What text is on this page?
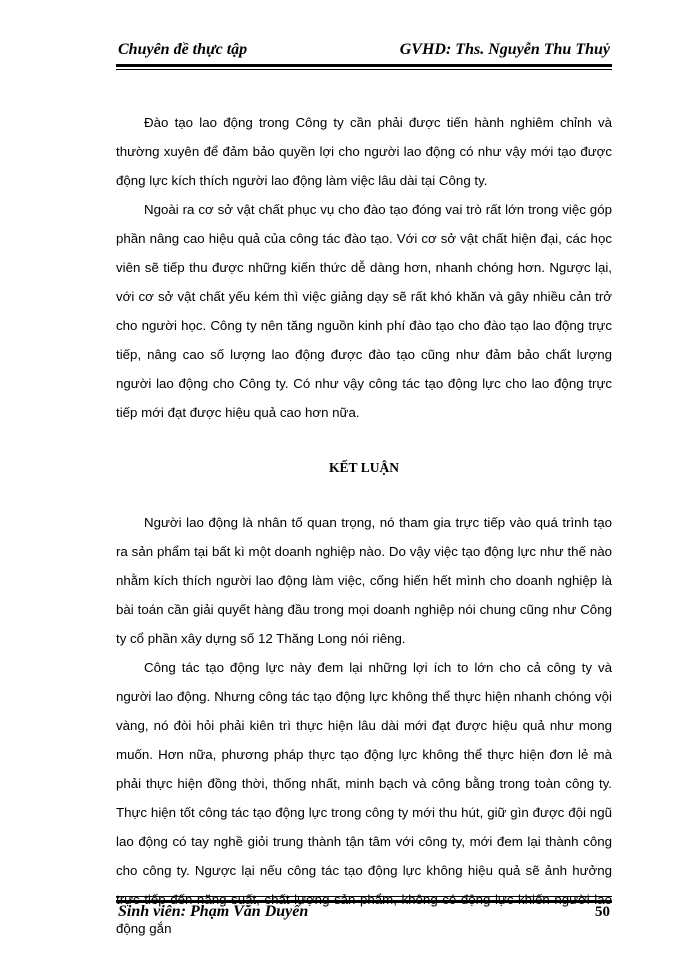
Chuyên đề thực tập	GVHD: Ths. Nguyễn Thu Thuỷ

Đào tạo lao động trong Công ty cần phải được tiến hành nghiêm chỉnh và thường xuyên để đảm bảo quyền lợi cho người lao động có như vậy mới tạo được động lực kích thích người lao động làm việc lâu dài tại Công ty.

Ngoài ra cơ sở vật chất phục vụ cho đào tạo đóng vai trò rất lớn trong việc góp phần nâng cao hiệu quả của công tác đào tạo. Với cơ sở vật chất hiện đại, các học viên sẽ tiếp thu được những kiến thức dễ dàng hơn, nhanh chóng hơn. Ngược lại, với cơ sở vật chất yếu kém thì việc giảng dạy sẽ rất khó khăn và gây nhiều cản trở cho người học. Công ty nên tăng nguồn kinh phí đào tạo cho đào tạo lao động trực tiếp, nâng cao số lượng lao động được đào tạo cũng như đảm bảo chất lượng người lao động cho Công ty. Có như vậy công tác tạo động lực cho lao động trực tiếp mới đạt được hiệu quả cao hơn nữa.

KẾT LUẬN

Người lao động là nhân tố quan trọng, nó tham gia trực tiếp vào quá trình tạo ra sản phẩm tại bất kì một doanh nghiệp nào. Do vậy việc tạo động lực như thế nào nhằm kích thích người lao động làm việc, cống hiến hết mình cho doanh nghiệp là bài toán cần giải quyết hàng đầu trong mọi doanh nghiệp nói chung cũng như Công ty cổ phần xây dựng số 12 Thăng Long nói riêng.

Công tác tạo động lực này đem lại những lợi ích to lớn cho cả công ty và người lao động. Nhưng công tác tạo động lực không thể thực hiện nhanh chóng vội vàng, nó đòi hỏi phải kiên trì thực hiện lâu dài mới đạt được hiệu quả như mong muốn. Hơn nữa, phương pháp thực tạo động lực không thể thực hiện đơn lẻ mà phải thực hiện đồng thời, thống nhất, minh bạch và công bằng trong toàn công ty. Thực hiện tốt công tác tạo động lực trong công ty mới thu hút, giữ gìn được đội ngũ lao động có tay nghề giỏi trung thành tận tâm với công ty, mới đem lại thành công cho công ty. Ngược lại nếu công tác tạo động lực không hiệu quả sẽ ảnh hưởng trực tiếp đến năng suất, chất lượng sản phẩm, không có động lực khiến người lao động gắn

Sinh viên: Phạm Văn Duyến	50
